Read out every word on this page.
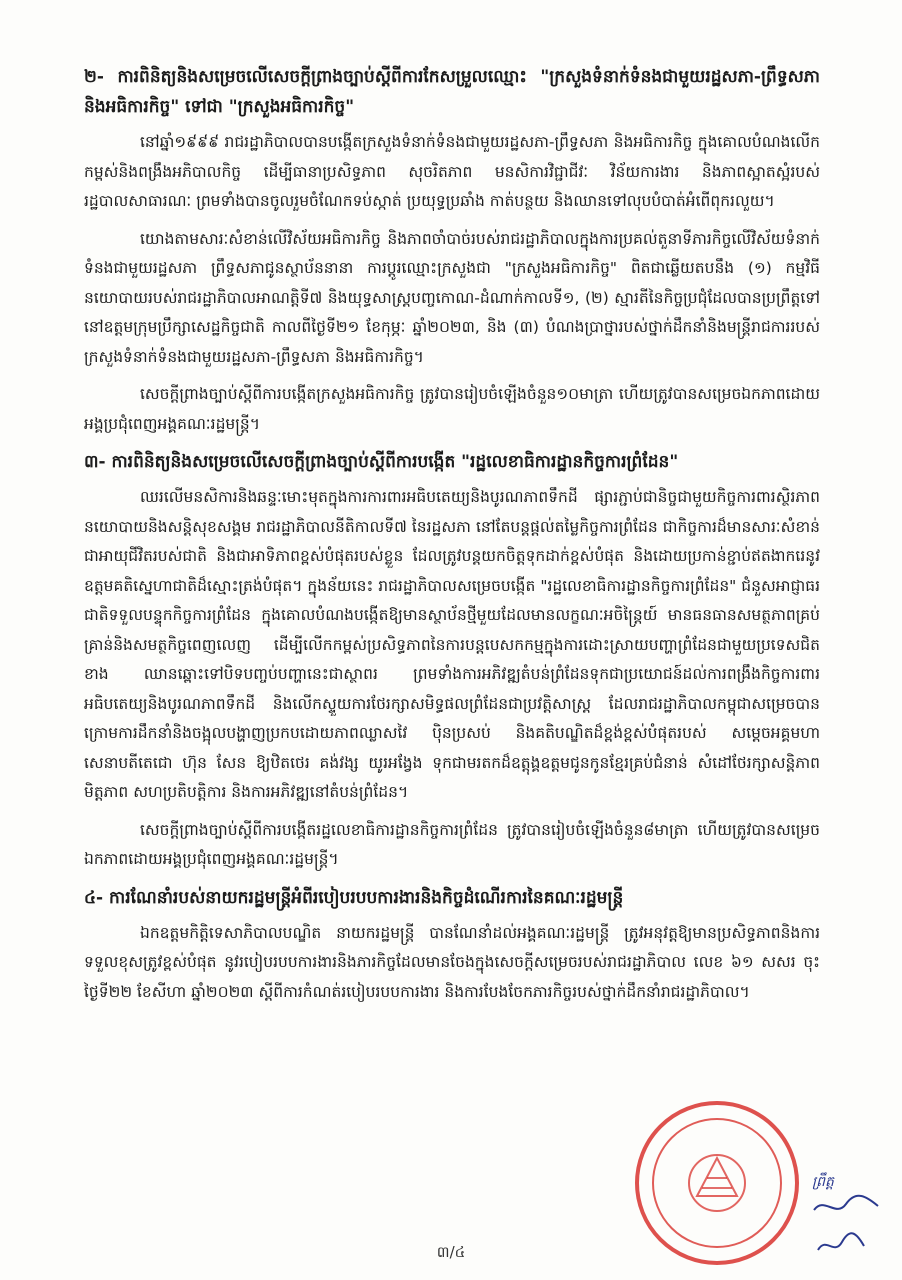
២- ការពិនិត្យនិងសម្រេចលើសេចក្ដីព្រាងច្បាប់ស្ដីពីការកែសម្រួលឈ្មោះ "ក្រសួងទំនាក់ទំនងជាមួយរដ្ឋសភា-ព្រឹទ្ធសភា និងអធិការកិច្ច" ទៅជា "ក្រសួងអធិការកិច្ច"

នៅឆ្នាំ១៩៩៩ រាជរដ្ឋាភិបាលបានបង្កើតក្រសួងទំនាក់ទំនងជាមួយរដ្ឋសភា-ព្រឹទ្ធសភា និងអធិការកិច្ច ក្នុងគោលបំណងលើកកម្ពស់និងពង្រឹងអភិបាលកិច្ច ដើម្បីធានាប្រសិទ្ធភាព សុចរិតភាព មនសិការវិជ្ជាជីវៈ វិន័យការងារ និងភាពស្អាតស្អំរបស់រដ្ឋបាលសាធារណៈ ព្រមទាំងបានចូលរួមចំណែកទប់ស្កាត់ ប្រយុទ្ធប្រឆាំង កាត់បន្ថយ និងឈានទៅលុបបំបាត់អំពើពុករលួយ។

យោងតាមសារៈសំខាន់លើវិស័យអធិការកិច្ច និងភាពចាំបាច់របស់រាជរដ្ឋាភិបាលក្នុងការប្រគល់តួនាទីភារកិច្ចលើវិស័យទំនាក់ទំនងជាមួយរដ្ឋសភា ព្រឹទ្ធសភាជូនស្ថាប័ននានា ការប្ដូរឈ្មោះក្រសួងជា "ក្រសួងអធិការកិច្ច" ពិតជាឆ្លើយតបនឹង (១) កម្មវិធីនយោបាយរបស់រាជរដ្ឋាភិបាលអាណត្តិទី៧ និងយុទ្ធសាស្ត្របញ្ចកោណ-ដំណាក់កាលទី១, (២) ស្មារតីនៃកិច្ចប្រជុំដែលបានប្រព្រឹត្តទៅនៅឧត្តមក្រុមប្រឹក្សាសេដ្ឋកិច្ចជាតិ កាលពីថ្ងៃទី២១ ខែកុម្ភៈ ឆ្នាំ២០២៣, និង (៣) បំណងប្រាថ្នារបស់ថ្នាក់ដឹកនាំនិងមន្ត្រីរាជការរបស់ក្រសួងទំនាក់ទំនងជាមួយរដ្ឋសភា-ព្រឹទ្ធសភា និងអធិការកិច្ច។

សេចក្ដីព្រាងច្បាប់ស្ដីពីការបង្កើតក្រសួងអធិការកិច្ច ត្រូវបានរៀបចំឡើងចំនួន១០មាត្រា ហើយត្រូវបានសម្រេចឯកភាពដោយអង្គប្រជុំពេញអង្គគណៈរដ្ឋមន្ត្រី។

៣- ការពិនិត្យនិងសម្រេចលើសេចក្ដីព្រាងច្បាប់ស្ដីពីការបង្កើត "រដ្ឋលេខាធិការដ្ឋានកិច្ចការព្រំដែន"

ឈរលើមនសិការនិងឆន្ទៈមោះមុតក្នុងការការពារអធិបតេយ្យនិងបូរណភាពទឹកដី ផ្សារភ្ជាប់ជានិច្ចជាមួយកិច្ចការពារស្ថិរភាពនយោបាយនិងសន្តិសុខសង្គម រាជរដ្ឋាភិបាលនីតិកាលទី៧ នៃរដ្ឋសភា នៅតែបន្តផ្ដល់តម្លៃកិច្ចការព្រំដែន ជាកិច្ចការដ៏មានសារៈសំខាន់ ជាអាយុជីវិតរបស់ជាតិ និងជាអាទិភាពខ្ពស់បំផុតរបស់ខ្លួន ដែលត្រូវបន្តយកចិត្តទុកដាក់ខ្ពស់បំផុត និងដោយប្រកាន់ខ្ជាប់ឥតងាករេនូវឧត្តមគតិស្នេហាជាតិដ៏ស្មោះត្រង់បំផុត។ ក្នុងន័យនេះ រាជរដ្ឋាភិបាលសម្រេចបង្កើត "រដ្ឋលេខាធិការដ្ឋានកិច្ចការព្រំដែន" ជំនួសអាជ្ញាធរជាតិទទួលបន្ទុកកិច្ចការព្រំដែន ក្នុងគោលបំណងបង្កើតឱ្យមានស្ថាប័នថ្មីមួយដែលមានលក្ខណៈអចិន្ត្រៃយ៍ មានធនធានសមត្ថភាពគ្រប់គ្រាន់និងសមត្ថកិច្ចពេញលេញ ដើម្បីលើកកម្ពស់ប្រសិទ្ធភាពនៃការបន្តបេសកកម្មក្នុងការដោះស្រាយបញ្ហាព្រំដែនជាមួយប្រទេសជិតខាង ឈានឆ្ពោះទៅបិទបញ្ចប់បញ្ហានេះជាស្ថាពរ ព្រមទាំងការអភិវឌ្ឍតំបន់ព្រំដែនទុកជាប្រយោជន៍ដល់ការពង្រឹងកិច្ចការពារអធិបតេយ្យនិងបូរណភាពទឹកដី និងលើកស្ទួយការថែរក្សាសមិទ្ធផលព្រំដែនជាប្រវត្តិសាស្ត្រ ដែលរាជរដ្ឋាភិបាលកម្ពុជាសម្រេចបាន ក្រោមការដឹកនាំនិងចង្អុលបង្ហាញប្រកបដោយភាពឈ្លាសវៃ ប៉ិនប្រសប់ និងគតិបណ្ឌិតដ៏ខ្ពង់ខ្ពស់បំផុតរបស់ សម្ដេចអគ្គមហាសេនាបតីតេជោ ហ៊ុន សែន ឱ្យឋិតថេរ គង់វង្ស យូរអង្វែង ទុកជាមរតកដ៏ឧត្ដុង្គឧត្ដមជូនកូនខ្មែរគ្រប់ជំនាន់ សំដៅថែរក្សាសន្តិភាព មិត្តភាព សហប្រតិបត្តិការ និងការអភិវឌ្ឍនៅតំបន់ព្រំដែន។

សេចក្ដីព្រាងច្បាប់ស្ដីពីការបង្កើតរដ្ឋលេខាធិការដ្ឋានកិច្ចការព្រំដែន ត្រូវបានរៀបចំឡើងចំនួន៨មាត្រា ហើយត្រូវបានសម្រេចឯកភាពដោយអង្គប្រជុំពេញអង្គគណៈរដ្ឋមន្ត្រី។

៤- ការណែនាំរបស់នាយករដ្ឋមន្ត្រីអំពីរបៀបរបបការងារនិងកិច្ចដំណើរការនៃគណៈរដ្ឋមន្ត្រី

ឯកឧត្តមកិត្តិទេសាភិបាលបណ្ឌិត នាយករដ្ឋមន្ត្រី បានណែនាំដល់អង្គគណៈរដ្ឋមន្ត្រី ត្រូវអនុវត្តឱ្យមានប្រសិទ្ធភាពនិងការទទួលខុសត្រូវខ្ពស់បំផុត នូវរបៀបរបបការងារនិងភារកិច្ចដែលមានចែងក្នុងសេចក្ដីសម្រេចរបស់រាជរដ្ឋាភិបាល លេខ ៦១ សសរ ចុះថ្ងៃទី២២ ខែសីហា ឆ្នាំ២០២៣ ស្ដីពីការកំណត់របៀបរបបការងារ និងការបែងចែកភារកិច្ចរបស់ថ្នាក់ដឹកនាំរាជរដ្ឋាភិបាល។

ព្រឹត្ត
៣/៤
